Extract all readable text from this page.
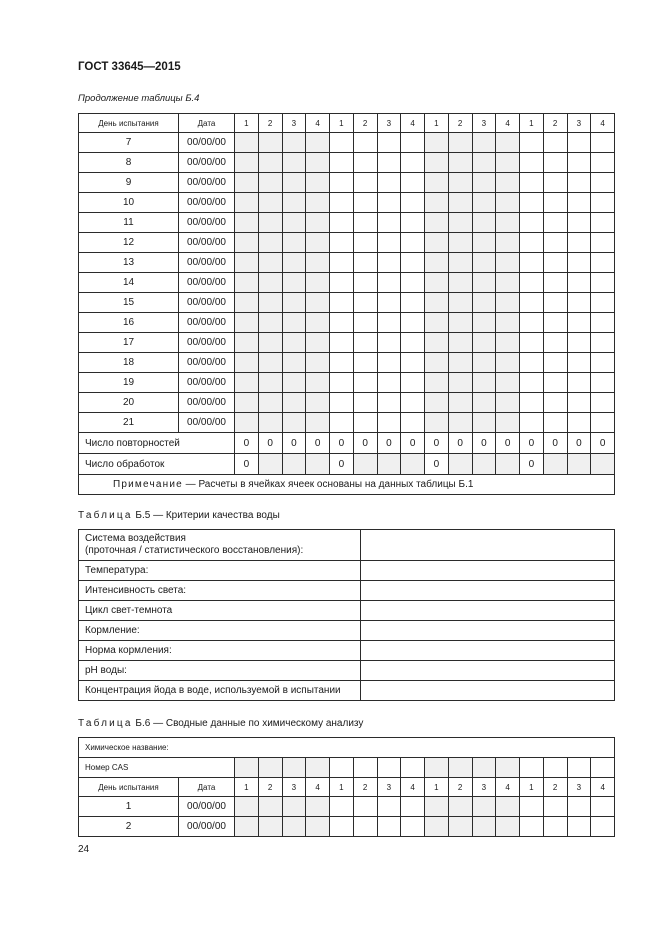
ГОСТ 33645—2015
Продолжение таблицы Б.4
День испытания	Дата	1	2	3	4	1	2	3	4	1	2	3	4	1	2	3	4
7	00/00/00																
8	00/00/00																
9	00/00/00																
10	00/00/00																
11	00/00/00																
12	00/00/00																
13	00/00/00																
14	00/00/00																
15	00/00/00																
16	00/00/00																
17	00/00/00																
18	00/00/00																
19	00/00/00																
20	00/00/00																
21	00/00/00																
Число повторностей		0	0	0	0	0	0	0	0	0	0	0	0	0	0	0	0
Число обработок		0				0				0				0			
Примечание — Расчеты в ячейках ячеек основаны на данных таблицы Б.1																	
Таблица Б.5 — Критерии качества воды
Система воздействия
(проточная / статистического восстановления):	

Температура:	
Интенсивность света:	
Цикл свет-темнота	
Кормление:	
Норма кормления:	
pH воды:	
Концентрация йода в воде, используемой в испытании	
Таблица Б.6 — Сводные данные по химическому анализу
Химическое название:																	
Номер CAS																	
День испытания	Дата	1	2	3	4	1	2	3	4	1	2	3	4	1	2	3	4
1	00/00/00																
2	00/00/00																
24
